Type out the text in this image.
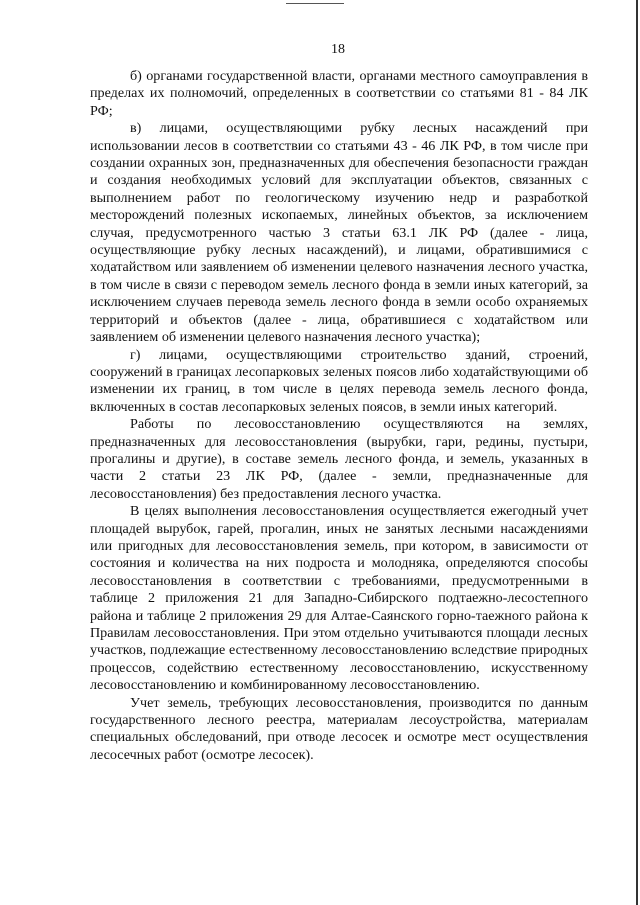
18

б) органами государственной власти, органами местного самоуправления в пределах их полномочий, определенных в соответствии со статьями 81 - 84 ЛК РФ;

в) лицами, осуществляющими рубку лесных насаждений при использовании лесов в соответствии со статьями 43 - 46 ЛК РФ, в том числе при создании охранных зон, предназначенных для обеспечения безопасности граждан и создания необходимых условий для эксплуатации объектов, связанных с выполнением работ по геологическому изучению недр и разработкой месторождений полезных ископаемых, линейных объектов, за исключением случая, предусмотренного частью 3 статьи 63.1 ЛК РФ (далее - лица, осуществляющие рубку лесных насаждений), и лицами, обратившимися с ходатайством или заявлением об изменении целевого назначения лесного участка, в том числе в связи с переводом земель лесного фонда в земли иных категорий, за исключением случаев перевода земель лесного фонда в земли особо охраняемых территорий и объектов (далее - лица, обратившиеся с ходатайством или заявлением об изменении целевого назначения лесного участка);

г) лицами, осуществляющими строительство зданий, строений, сооружений в границах лесопарковых зеленых поясов либо ходатайствующими об изменении их границ, в том числе в целях перевода земель лесного фонда, включенных в состав лесопарковых зеленых поясов, в земли иных категорий.

Работы по лесовосстановлению осуществляются на землях, предназначенных для лесовосстановления (вырубки, гари, редины, пустыри, прогалины и другие), в составе земель лесного фонда, и земель, указанных в части 2 статьи 23 ЛК РФ, (далее - земли, предназначенные для лесовосстановления) без предоставления лесного участка.

В целях выполнения лесовосстановления осуществляется ежегодный учет площадей вырубок, гарей, прогалин, иных не занятых лесными насаждениями или пригодных для лесовосстановления земель, при котором, в зависимости от состояния и количества на них подроста и молодняка, определяются способы лесовосстановления в соответствии с требованиями, предусмотренными в таблице 2 приложения 21 для Западно-Сибирского подтаежно-лесостепного района и таблице 2 приложения 29 для Алтае-Саянского горно-таежного района к Правилам лесовосстановления. При этом отдельно учитываются площади лесных участков, подлежащие естественному лесовосстановлению вследствие природных процессов, содействию естественному лесовосстановлению, искусственному лесовосстановлению и комбинированному лесовосстановлению.

Учет земель, требующих лесовосстановления, производится по данным государственного лесного реестра, материалам лесоустройства, материалам специальных обследований, при отводе лесосек и осмотре мест осуществления лесосечных работ (осмотре лесосек).
